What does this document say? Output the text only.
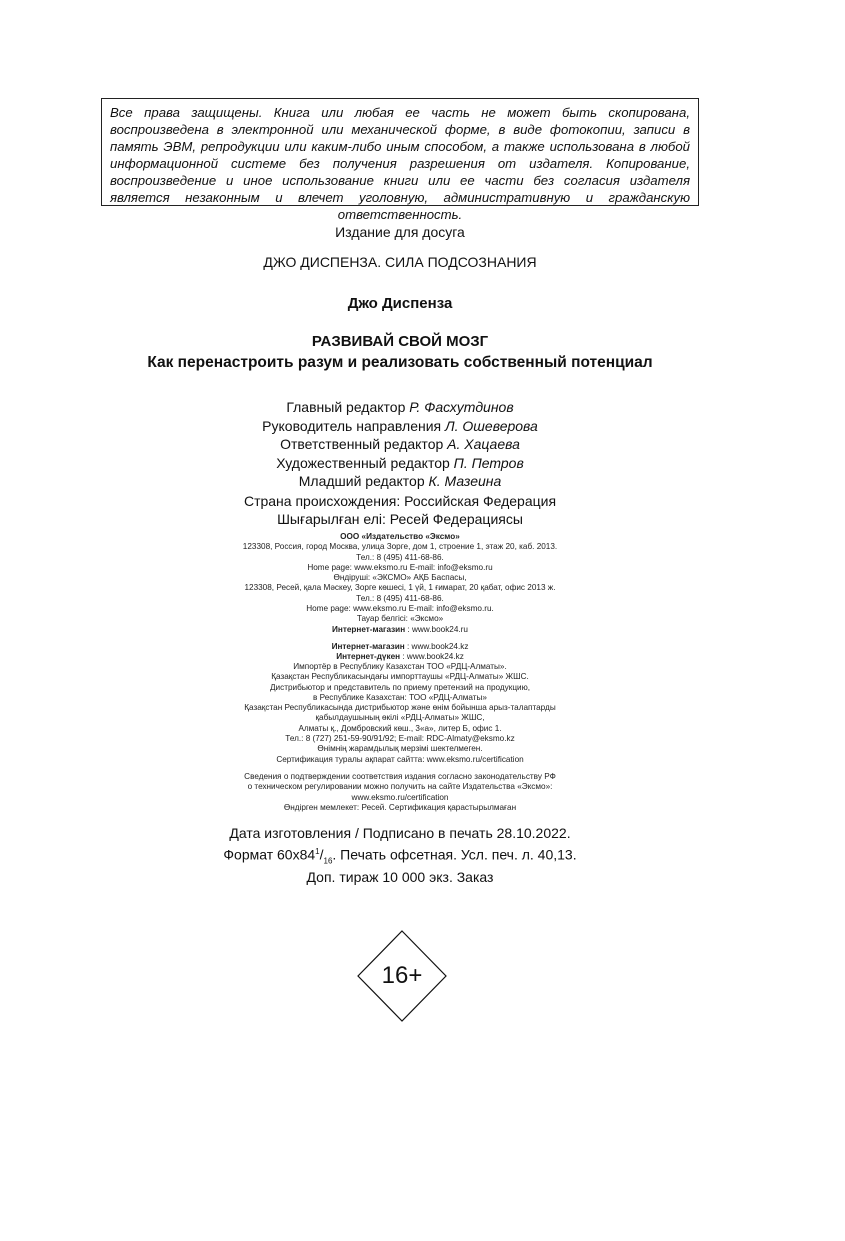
Все права защищены. Книга или любая ее часть не может быть скопирована, воспроизведена в электронной или механической форме, в виде фотокопии, записи в память ЭВМ, репродукции или каким-либо иным способом, а также использована в любой информационной системе без получения разрешения от издателя. Копирование, воспроизведение и иное использование книги или ее части без согласия издателя является незаконным и влечет уголовную, административную и гражданскую ответственность.
Издание для досуга
ДЖО ДИСПЕНЗА. СИЛА ПОДСОЗНАНИЯ
Джо Диспенза
РАЗВИВАЙ СВОЙ МОЗГ
Как перенастроить разум и реализовать собственный потенциал
Главный редактор Р. Фасхутдинов
Руководитель направления Л. Ошеверова
Ответственный редактор А. Хацаева
Художественный редактор П. Петров
Младший редактор К. Мазеина
Страна происхождения: Российская Федерация
Шығарылған елі: Ресей Федерациясы
ООО «Издательство «Эксмо»
123308, Россия, город Москва, улица Зорге, дом 1, строение 1, этаж 20, каб. 2013.
Тел.: 8 (495) 411-68-86.
Home page: www.eksmo.ru E-mail: info@eksmo.ru
Өндіруші: «ЭКСМО» АҚБ Баспасы,
123308, Ресей, қала Мәскеу, Зорге көшесі, 1 үй, 1 ғимарат, 20 қабат, офис 2013 ж.
Тел.: 8 (495) 411-68-86.
Home page: www.eksmo.ru E-mail: info@eksmo.ru.
Тауар белгісі: «Эксмо»
Интернет-магазин : www.book24.ru
Интернет-магазин : www.book24.kz
Интернет-дүкен : www.book24.kz
Импортёр в Республику Казахстан ТОО «РДЦ-Алматы».
Қазақстан Республикасындағы импорттаушы «РДЦ-Алматы» ЖШС.
Дистрибьютор и представитель по приему претензий на продукцию,
в Республике Казахстан: ТОО «РДЦ-Алматы»
Қазақстан Республикасында дистрибьютор және өнім бойынша арыз-талаптарды
қабылдаушының өкілі «РДЦ-Алматы» ЖШС,
Алматы қ., Домбровский көш., 3«а», литер Б, офис 1.
Тел.: 8 (727) 251-59-90/91/92; E-mail: RDC-Almaty@eksmo.kz
Өнімнің жарамдылық мерзімі шектелмеген.
Сертификация туралы ақпарат сайтта: www.eksmo.ru/certification
Сведения о подтверждении соответствия издания согласно законодательству РФ
о техническом регулировании можно получить на сайте Издательства «Эксмо»:
www.eksmo.ru/certification
Өндірген мемлекет: Ресей. Сертификация қарастырылмаған
Дата изготовления / Подписано в печать 28.10.2022.
Формат $60х84^1/_{16}$. Печать офсетная. Усл. печ. л. 40,13.
Доп. тираж 10 000 экз. Заказ
16+
